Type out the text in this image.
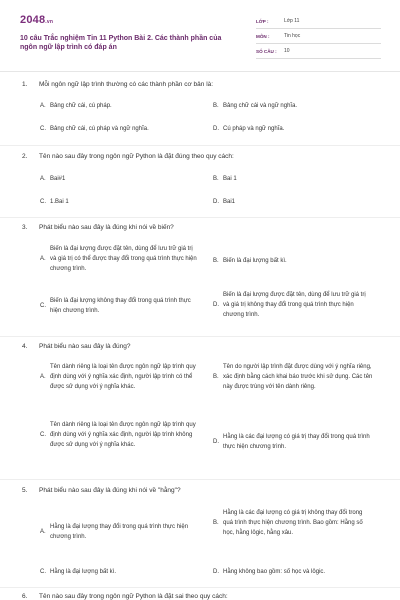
2048.vn
10 câu Trắc nghiệm Tin 11 Python Bài 2. Các thành phần của ngôn ngữ lập trình có đáp án
LỚP :	Lớp 11
MÔN :	Tin học
SỐ CÂU :	10
1. Mỗi ngôn ngữ lập trình thường có các thành phần cơ bản là:
A. Bảng chữ cái, cú pháp.	B. Bảng chữ cái và ngữ nghĩa.
C. Bảng chữ cái, cú pháp và ngữ nghĩa.	D. Cú pháp và ngữ nghĩa.
2. Tên nào sau đây trong ngôn ngữ Python là đặt đúng theo quy cách:
A. Bai#1	B. Bai 1
C. 1.Bai 1	D. Bai1
3. Phát biểu nào sau đây là đúng khi nói về biến?
A.
Biến là đại lượng được đặt tên, dùng để lưu trữ giá trị và giá trị có thể được thay đổi trong quá trình thực hiện chương trình.
B. Biến là đại lượng bất kì.
C.
Biến là đại lượng không thay đổi trong quá trình thực hiện chương trình.
D.
Biến là đại lượng được đặt tên, dùng để lưu trữ giá trị và giá trị không thay đổi trong quá trình thực hiện chương trình.
4. Phát biểu nào sau đây là đúng?
A.
Tên dành riêng là loại tên được ngôn ngữ lập trình quy định dùng với ý nghĩa xác định, người lập trình có thể được sử dụng với ý nghĩa khác.
B.
Tên do người lập trình đặt được dùng với ý nghĩa riêng, xác định bằng cách khai báo trước khi sử dụng. Các tên này được trùng với tên dành riêng.
C.
Tên dành riêng là loại tên được ngôn ngữ lập trình quy định dùng với ý nghĩa xác định, người lập trình không được sử dụng với ý nghĩa khác.	D.
Hằng là các đại lượng có giá trị thay đổi trong quá trình thực hiện chương trình.
5. Phát biểu nào sau đây là đúng khi nói về "hằng"?
A.
Hằng là đại lượng thay đổi trong quá trình thực hiện chương trình.
B.
Hằng là các đại lượng có giá trị không thay đổi trong quá trình thực hiện chương trình. Bao gồm: Hằng số học, hằng lôgic, hằng xâu.
C. Hằng là đại lượng bất kì.	D. Hằng không bao gồm: số học và lôgic.
6. Tên nào sau đây trong ngôn ngữ Python là đặt sai theo quy cách:
